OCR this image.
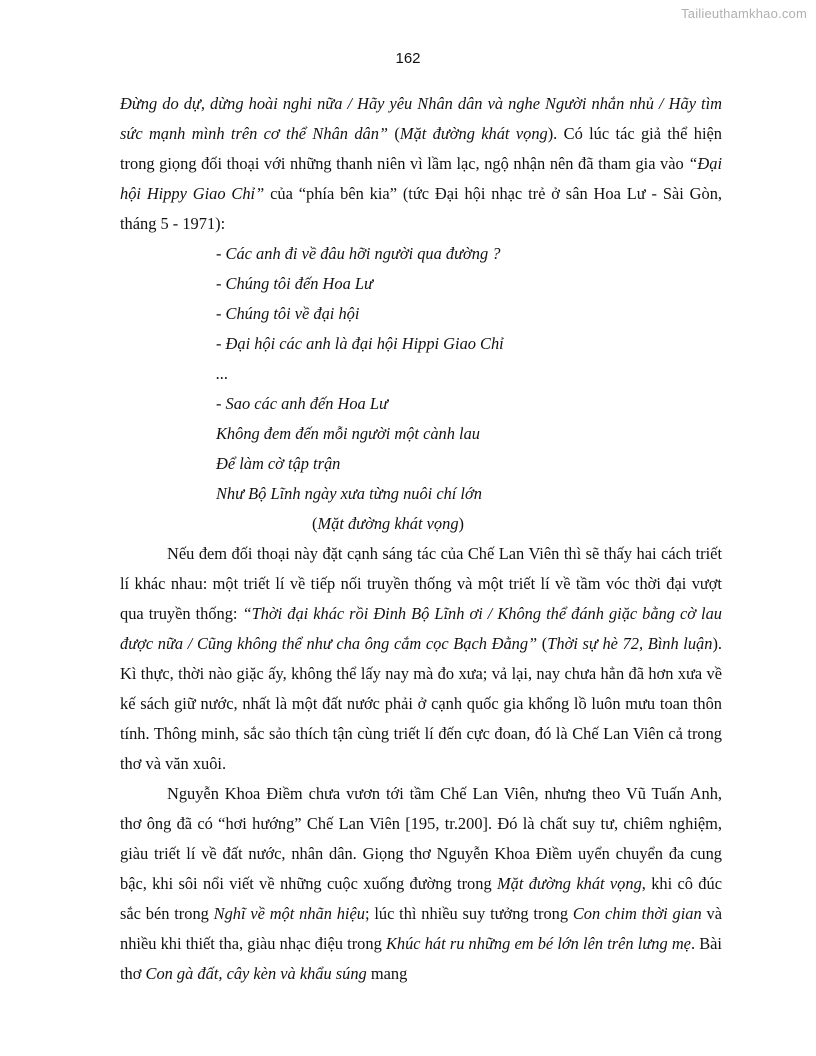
Tailieuthamkhao.com
162

Đừng do dự, dừng hoài nghi nữa / Hãy yêu Nhân dân và nghe Người nhắn nhủ / Hãy tìm sức mạnh mình trên cơ thể Nhân dân” (Mặt đường khát vọng). Có lúc tác giả thể hiện trong giọng đối thoại với những thanh niên vì lầm lạc, ngộ nhận nên đã tham gia vào “Đại hội Hippy Giao Chỉ” của “phía bên kia” (tức Đại hội nhạc trẻ ở sân Hoa Lư - Sài Gòn, tháng 5 - 1971):

- Các anh đi về đâu hỡi người qua đường ?
- Chúng tôi đến Hoa Lư
- Chúng tôi về đại hội
- Đại hội các anh là đại hội Hippi Giao Chỉ
...
- Sao các anh đến Hoa Lư
Không đem đến mỗi người một cành lau
Để làm cờ tập trận
Như Bộ Lĩnh ngày xưa từng nuôi chí lớn
(Mặt đường khát vọng)

Nếu đem đối thoại này đặt cạnh sáng tác của Chế Lan Viên thì sẽ thấy hai cách triết lí khác nhau: một triết lí về tiếp nối truyền thống và một triết lí về tầm vóc thời đại vượt qua truyền thống: “Thời đại khác rồi Đinh Bộ Lĩnh ơi / Không thể đánh giặc bằng cờ lau được nữa / Cũng không thể như cha ông cắm cọc Bạch Đằng” (Thời sự hè 72, Bình luận). Kì thực, thời nào giặc ấy, không thể lấy nay mà đo xưa; vả lại, nay chưa hẳn đã hơn xưa về kế sách giữ nước, nhất là một đất nước phải ở cạnh quốc gia khổng lồ luôn mưu toan thôn tính. Thông minh, sắc sảo thích tận cùng triết lí đến cực đoan, đó là Chế Lan Viên cả trong thơ và văn xuôi.

Nguyễn Khoa Điềm chưa vươn tới tầm Chế Lan Viên, nhưng theo Vũ Tuấn Anh, thơ ông đã có “hơi hướng” Chế Lan Viên [195, tr.200]. Đó là chất suy tư, chiêm nghiệm, giàu triết lí về đất nước, nhân dân. Giọng thơ Nguyễn Khoa Điềm uyển chuyển đa cung bậc, khi sôi nổi viết về những cuộc xuống đường trong Mặt đường khát vọng, khi cô đúc sắc bén trong Nghĩ về một nhãn hiệu; lúc thì nhiều suy tưởng trong Con chim thời gian và nhiều khi thiết tha, giàu nhạc điệu trong Khúc hát ru những em bé lớn lên trên lưng mẹ. Bài thơ Con gà đất, cây kèn và khẩu súng mang
